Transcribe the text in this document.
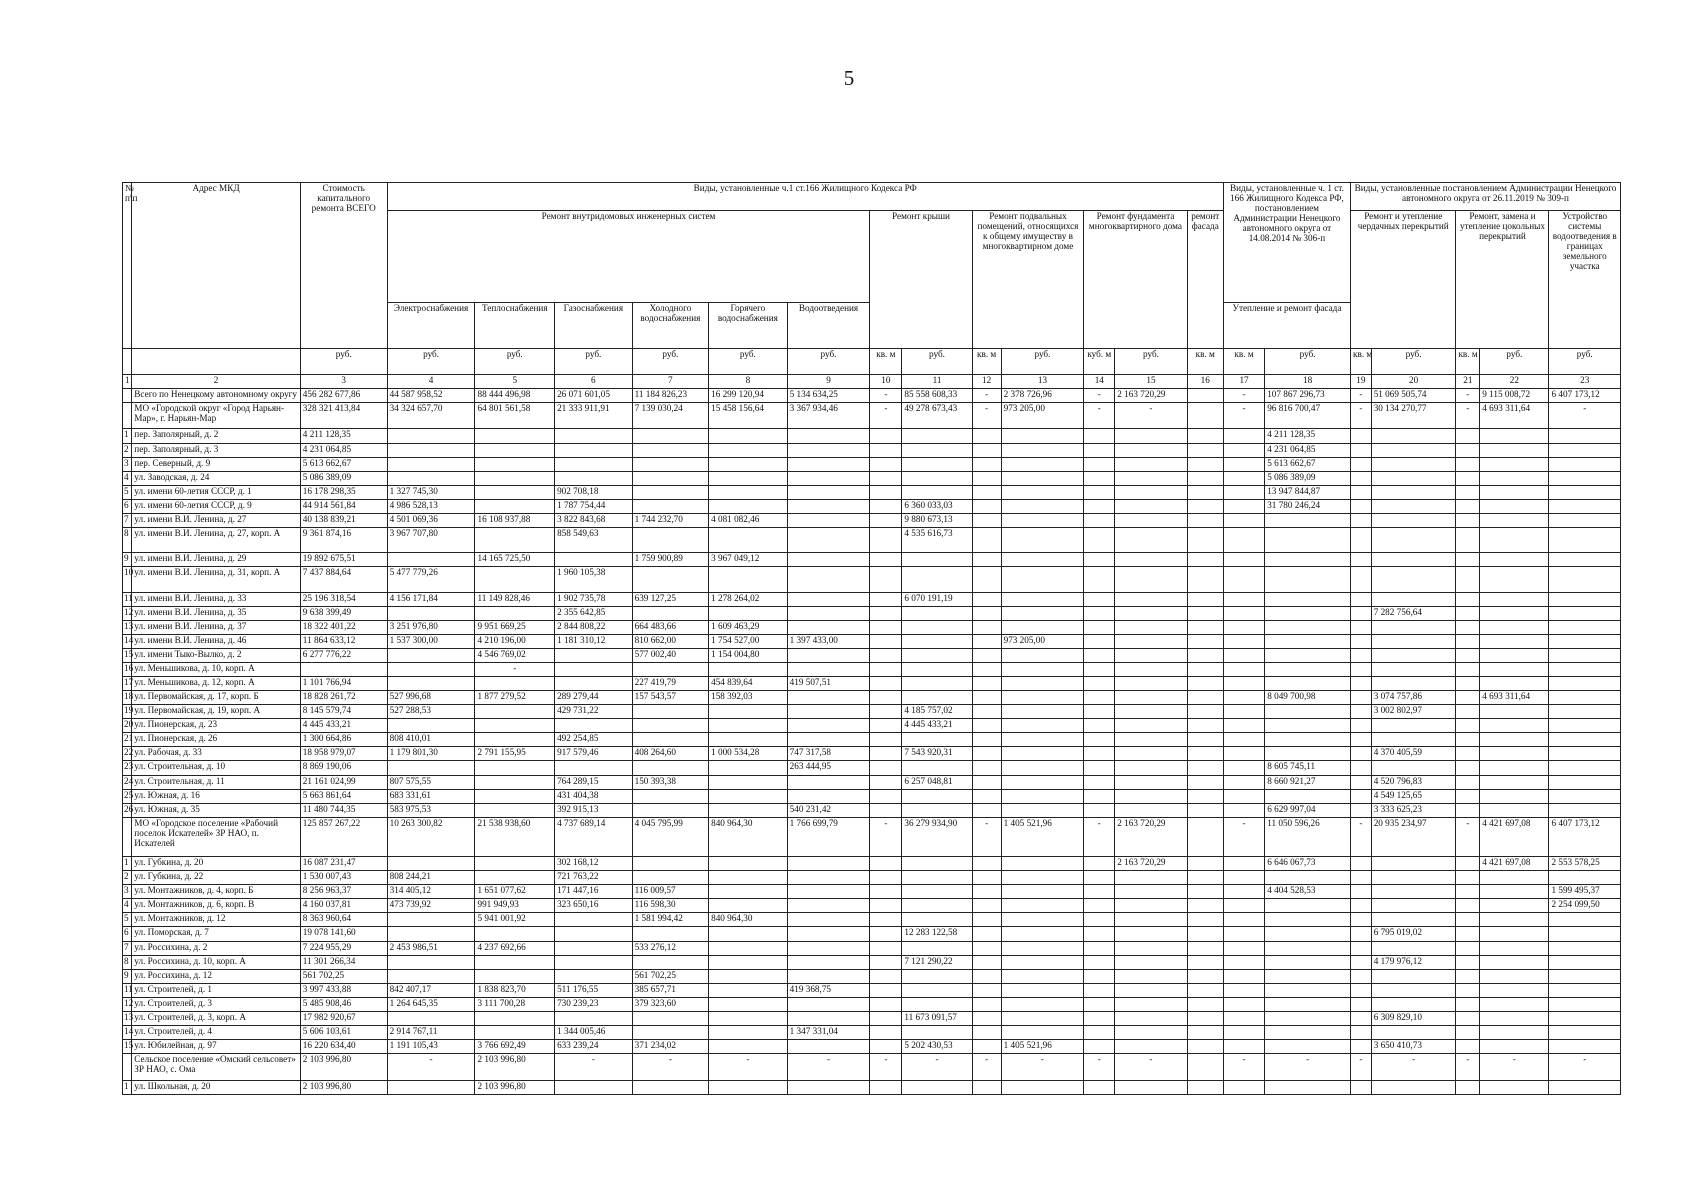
5
№ п\п	Адрес МКД	Стоимость капитального ремонта ВСЕГО	Виды, установленные ч.1 ст.166 Жилищного Кодекса РФ													Виды, установленные ч. 1 ст. 166 Жилищного Кодекса РФ, постановлением Администрации Ненецкого автономного округа от 14.08.2014 № 306-п		Виды, установленные постановлением Администрации Ненецкого автономного округа от 26.11.2019 № 309-п				
			Ремонт внутридомовых инженерных систем						Ремонт крыши		Ремонт подвальных помещений, относящихся к общему имуществу в многоквартирном доме		Ремонт фундамента многоквартирного дома		ремонт фасада			Ремонт и утепление чердачных перекрытий		Ремонт, замена и утепление цокольных перекрытий		Устройство системы водоотведения в границах земельного участка
			Электроснабжения	Теплоснабжения	Газоснабжения	Холодного водоснабжения	Горячего водоснабжения	Водоотведения								Утепление и ремонт фасада						
		руб.	руб.	руб.	руб.	руб.	руб.	руб.	кв. м	руб.	кв. м	руб.	куб. м	руб.	кв. м	кв. м	руб.	кв. м	руб.	кв. м	руб.	руб.
1	2	3	4	5	6	7	8	9	10	11	12	13	14	15	16	17	18	19	20	21	22	23
	Всего по Ненецкому автономному округу	456 282 677,86	44 587 958,52	88 444 496,98	26 071 601,05	11 184 826,23	16 299 120,94	5 134 634,25	-	85 558 608,33	-	2 378 726,96	-	2 163 720,29		-	107 867 296,73	-	51 069 505,74	-	9 115 008,72	6 407 173,12
	МО «Городской округ «Город Нарьян-Мар», г. Нарьян-Мар	328 321 413,84	34 324 657,70	64 801 561,58	21 333 911,91	7 139 030,24	15 458 156,64	3 367 934,46	-	49 278 673,43	-	973 205,00	-	-		-	96 816 700,47	-	30 134 270,77	-	4 693 311,64	-
1	пер. Заполярный, д. 2	4 211 128,35															4 211 128,35					
2	пер. Заполярный, д. 3	4 231 064,85															4 231 064,85					
3	пер. Северный, д. 9	5 613 662,67															5 613 662,67					
4	ул. Заводская, д. 24	5 086 389,09															5 086 389,09					
5	ул. имени 60-летия СССР, д. 1	16 178 298,35	1 327 745,30		902 708,18												13 947 844,87					
6	ул. имени 60-летия СССР, д. 9	44 914 561,84	4 986 528,13		1 787 754,44					6 360 033,03							31 780 246,24					
7	ул. имени В.И. Ленина, д. 27	40 138 839,21	4 501 069,36	16 108 937,88	3 822 843,68	1 744 232,70	4 081 082,46			9 880 673,13												
8	ул. имени В.И. Ленина, д. 27, корп. А	9 361 874,16	3 967 707,80		858 549,63					4 535 616,73												
9	ул. имени В.И. Ленина, д. 29	19 892 675,51		14 165 725,50		1 759 900,89	3 967 049,12															
10	ул. имени В.И. Ленина, д. 31, корп. А	7 437 884,64	5 477 779,26		1 960 105,38																	
11	ул. имени В.И. Ленина, д. 33	25 196 318,54	4 156 171,84	11 149 828,46	1 902 735,78	639 127,25	1 278 264,02			6 070 191,19												
12	ул. имени В.И. Ленина, д. 35	9 638 399,49			2 355 642,85														7 282 756,64			
13	ул. имени В.И. Ленина, д. 37	18 322 401,22	3 251 976,80	9 951 669,25	2 844 808,22	664 483,66	1 609 463,29															
14	ул. имени В.И. Ленина, д. 46	11 864 633,12	1 537 300,00	4 210 196,00	1 181 310,12	810 662,00	1 754 527,00	1 397 433,00				973 205,00										
15	ул. имени Тыко-Вылко, д. 2	6 277 776,22		4 546 769,02		577 002,40	1 154 004,80															
16	ул. Меньшикова, д. 10, корп. А			-																		
17	ул. Меньшикова, д. 12, корп. А	1 101 766,94				227 419,79	454 839,64	419 507,51														
18	ул. Первомайская, д. 17, корп. Б	18 828 261,72	527 996,68	1 877 279,52	289 279,44	157 543,57	158 392,03										8 049 700,98		3 074 757,86		4 693 311,64	
19	ул. Первомайская, д. 19, корп. А	8 145 579,74	527 288,53		429 731,22					4 185 757,02									3 002 802,97			
20	ул. Пионерская, д. 23	4 445 433,21								4 445 433,21												
21	ул. Пионерская, д. 26	1 300 664,86	808 410,01		492 254,85																	
22	ул. Рабочая, д. 33	18 958 979,07	1 179 801,30	2 791 155,95	917 579,46	408 264,60	1 000 534,28	747 317,58		7 543 920,31									4 370 405,59			
23	ул. Строительная, д. 10	8 869 190,06						263 444,95									8 605 745,11					
24	ул. Строительная, д. 11	21 161 024,99	807 575,55		764 289,15	150 393,38				6 257 048,81							8 660 921,27		4 520 796,83			
25	ул. Южная, д. 16	5 663 861,64	683 331,61		431 404,38														4 549 125,65			
26	ул. Южная, д. 35	11 480 744,35	583 975,53		392 915,13			540 231,42									6 629 997,04		3 333 625,23			
	МО «Городское поселение «Рабочий поселок Искателей» ЗР НАО, п. Искателей	125 857 267,22	10 263 300,82	21 538 938,60	4 737 689,14	4 045 795,99	840 964,30	1 766 699,79	-	36 279 934,90	-	1 405 521,96	-	2 163 720,29		-	11 050 596,26	-	20 935 234,97	-	4 421 697,08	6 407 173,12
1	ул. Губкина, д. 20	16 087 231,47			302 168,12									2 163 720,29			6 646 067,73				4 421 697,08	2 553 578,25
2	ул. Губкина, д. 22	1 530 007,43	808 244,21		721 763,22																	
3	ул. Монтажников, д. 4, корп. Б	8 256 963,37	314 405,12	1 651 077,62	171 447,16	116 009,57											4 404 528,53					1 599 495,37
4	ул. Монтажников, д. 6, корп. В	4 160 037,81	473 739,92	991 949,93	323 650,16	116 598,30																2 254 099,50
5	ул. Монтажников, д. 12	8 363 960,64		5 941 001,92		1 581 994,42	840 964,30															
6	ул. Поморская, д. 7	19 078 141,60								12 283 122,58									6 795 019,02			
7	ул. Россихина, д. 2	7 224 955,29	2 453 986,51	4 237 692,66		533 276,12																
8	ул. Россихина, д. 10, корп. А	11 301 266,34								7 121 290,22									4 179 976,12			
9	ул. Россихина, д. 12	561 702,25				561 702,25																
11	ул. Строителей, д. 1	3 997 433,88	842 407,17	1 838 823,70	511 176,55	385 657,71		419 368,75														
12	ул. Строителей, д. 3	5 485 908,46	1 264 645,35	3 111 700,28	730 239,23	379 323,60																
13	ул. Строителей, д. 3, корп. А	17 982 920,67								11 673 091,57									6 309 829,10			
14	ул. Строителей, д. 4	5 606 103,61	2 914 767,11		1 344 005,46			1 347 331,04														
15	ул. Юбилейная, д. 97	16 220 634,40	1 191 105,43	3 766 692,49	633 239,24	371 234,02				5 202 430,53		1 405 521,96							3 650 410,73			
	Сельское поселение «Омский сельсовет» ЗР НАО, с. Ома	2 103 996,80	-	2 103 996,80	-	-	-	-	-	-	-	-	-	-		-	-	-	-	-	-	-
1	ул. Школьная, д. 20	2 103 996,80		2 103 996,80																		
